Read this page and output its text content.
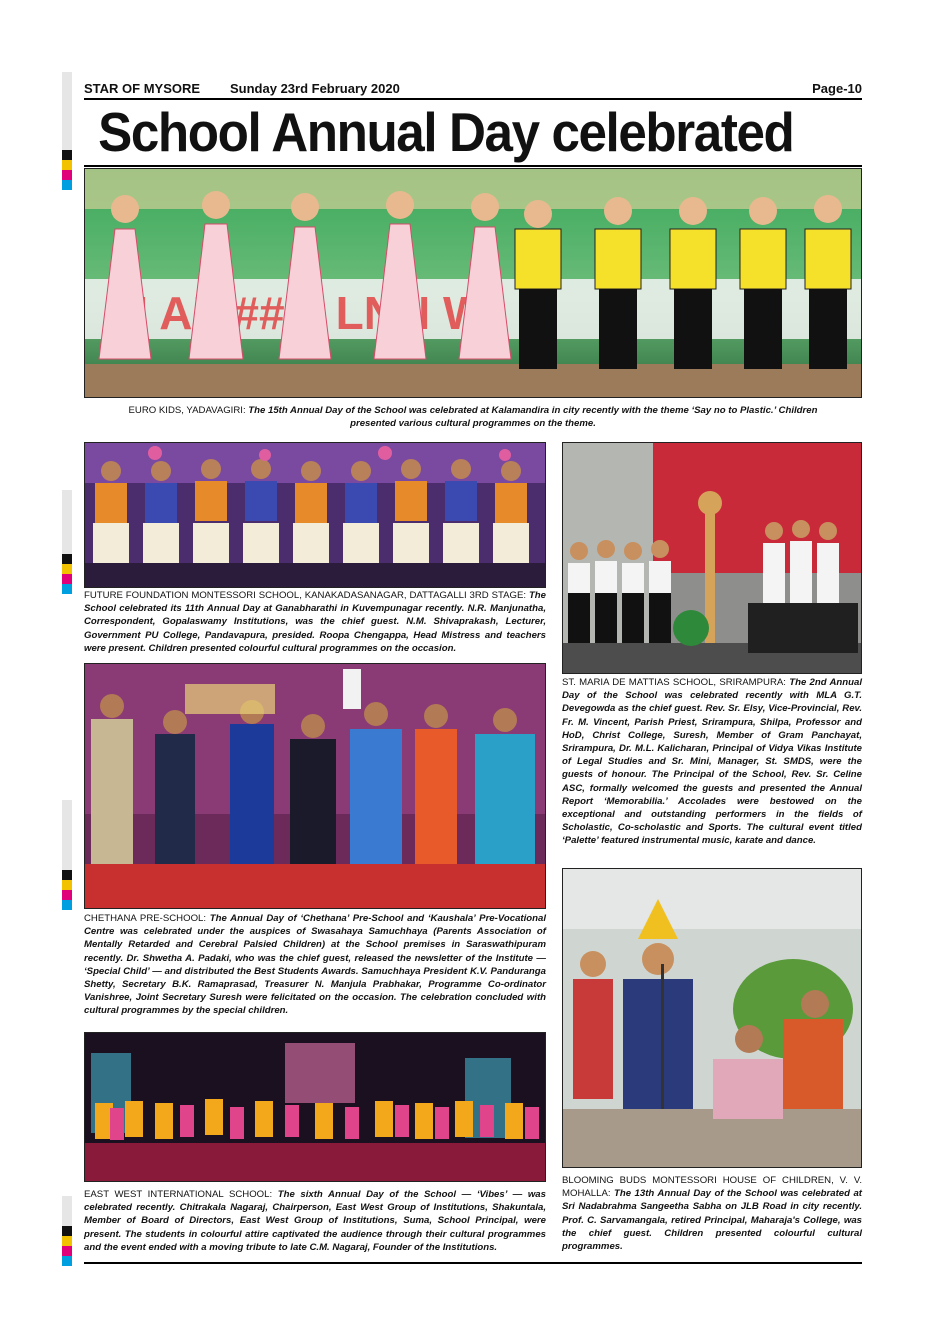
STAR OF MYSORE Sunday 23rd February 2020	Page-10
School Annual Day celebrated
AF ##M

EURO KIDS, YADAVAGIRI: The 15th Annual Day of the School was celebrated at Kalamandira in city recently with the theme ‘Say no to Plastic.’ Children presented various cultural programmes on the theme.

FUTURE FOUNDATION MONTESSORI SCHOOL, KANAKADASANAGAR, DATTAGALLI 3RD STAGE: The School celebrated its 11th Annual Day at Ganabharathi in Kuvempunagar recently. N.R. Manjunatha, Correspondent, Gopalaswamy Institutions, was the chief guest. N.M. Shivaprakash, Lecturer, Government PU College, Pandavapura, presided. Roopa Chengappa, Head Mistress and teachers were present. Children presented colourful cultural programmes on the occasion.

ST. MARIA DE MATTIAS SCHOOL, SRIRAMPURA: The 2nd Annual Day of the School was celebrated recently with MLA G.T. Devegowda as the chief guest. Rev. Sr. Elsy, Vice-Provincial, Rev. Fr. M. Vincent, Parish Priest, Srirampura, Shilpa, Professor and HoD, Christ College, Suresh, Member of Gram Panchayat, Srirampura, Dr. M.L. Kalicharan, Principal of Vidya Vikas Institute of Legal Studies and Sr. Mini, Manager, St. SMDS, were the guests of honour. The Principal of the School, Rev. Sr. Celine ASC, formally welcomed the guests and presented the Annual Report ‘Memorabilia.’ Accolades were bestowed on the exceptional and outstanding performers in the fields of Scholastic, Co-scholastic and Sports. The cultural event titled ‘Palette’ featured instrumental music, karate and dance.

CHETHANA PRE-SCHOOL: The Annual Day of ‘Chethana’ Pre-School and ‘Kaushala’ Pre-Vocational Centre was celebrated under the auspices of Swasahaya Samuchhaya (Parents Association of Mentally Retarded and Cerebral Palsied Children) at the School premises in Saraswathipuram recently. Dr. Shwetha A. Padaki, who was the chief guest, released the newsletter of the Institute — ‘Special Child’ — and distributed the Best Students Awards. Samuchhaya President K.V. Panduranga Shetty, Secretary B.K. Ramaprasad, Treasurer N. Manjula Prabhakar, Programme Co-ordinator Vanishree, Joint Secretary Suresh were felicitated on the occasion. The celebration concluded with cultural programmes by the special children.

EAST WEST INTERNATIONAL SCHOOL: The sixth Annual Day of the School — ‘Vibes’ — was celebrated recently. Chitrakala Nagaraj, Chairperson, East West Group of Institutions, Shakuntala, Member of Board of Directors, East West Group of Institutions, Suma, School Principal, were present. The students in colourful attire captivated the audience through their cultural programmes and the event ended with a moving tribute to late C.M. Nagaraj, Founder of the Institutions.

BLOOMING BUDS MONTESSORI HOUSE OF CHILDREN, V. V. MOHALLA: The 13th Annual Day of the School was celebrated at Sri Nadabrahma Sangeetha Sabha on JLB Road in city recently. Prof. C. Sarvamangala, retired Principal, Maharaja's College, was the chief guest. Children presented colourful cultural programmes.
